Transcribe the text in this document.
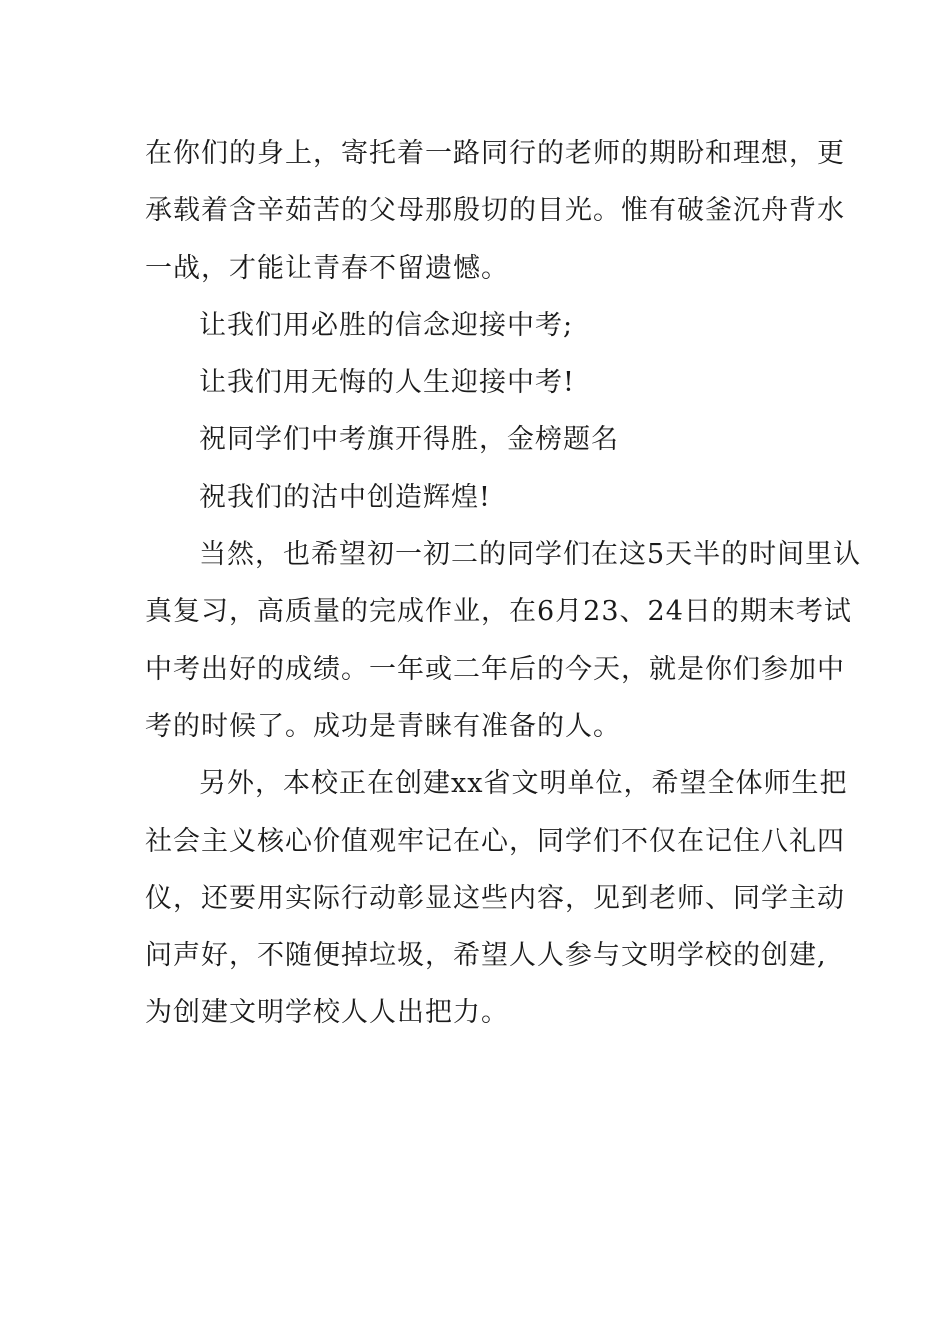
在你们的身上，寄托着一路同行的老师的期盼和理想，更
承载着含辛茹苦的父母那殷切的目光。惟有破釜沉舟背水
一战，才能让青春不留遗憾。
让我们用必胜的信念迎接中考;
让我们用无悔的人生迎接中考!
祝同学们中考旗开得胜，金榜题名
祝我们的沽中创造辉煌!
当然，也希望初一初二的同学们在这5天半的时间里认
真复习，高质量的完成作业，在6月23、24日的期末考试
中考出好的成绩。一年或二年后的今天，就是你们参加中
考的时候了。成功是青睐有准备的人。
另外，本校正在创建xx省文明单位，希望全体师生把
社会主义核心价值观牢记在心，同学们不仅在记住八礼四
仪，还要用实际行动彰显这些内容，见到老师、同学主动
问声好，不随便掉垃圾，希望人人参与文明学校的创建,
为创建文明学校人人出把力。
